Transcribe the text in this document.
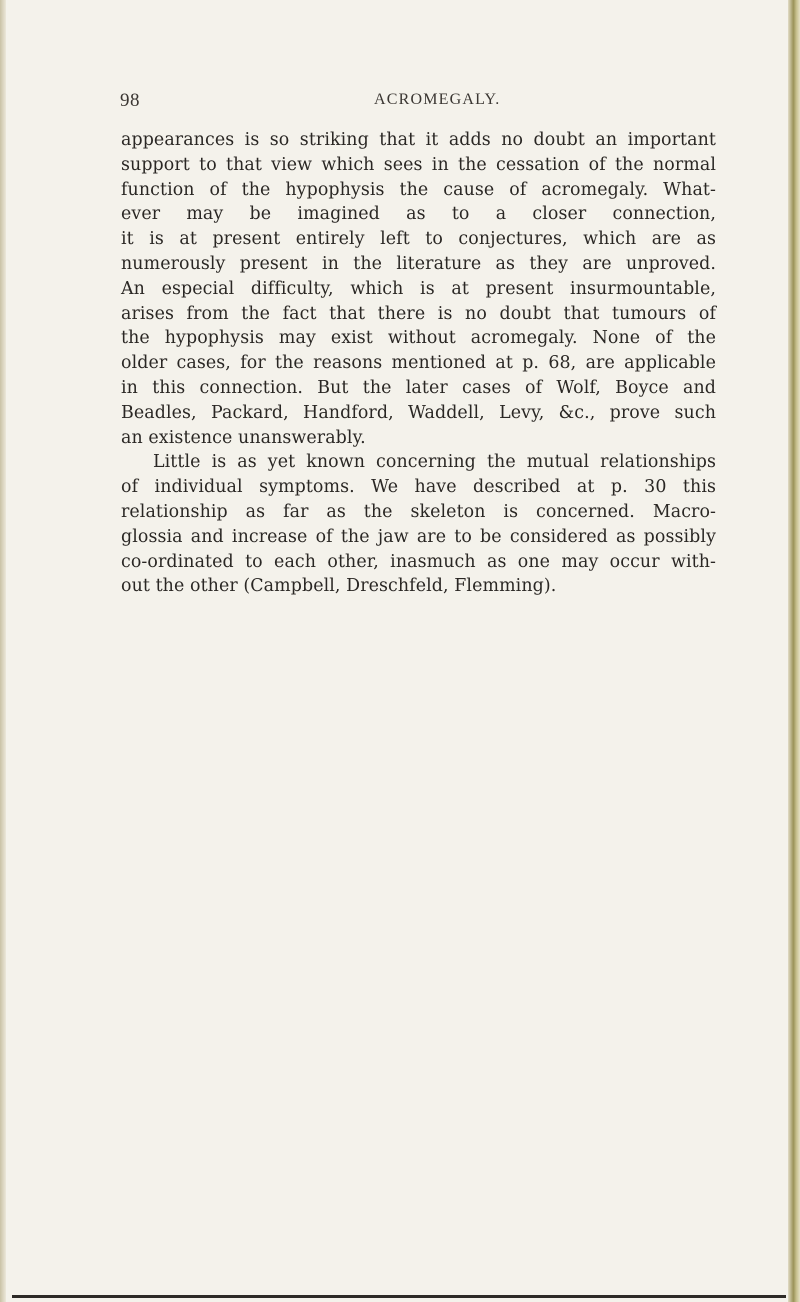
98	ACROMEGALY.
appearances is so striking that it adds no doubt an important
support to that view which sees in the cessation of the normal
function of the hypophysis the cause of acromegaly. What-
ever may be imagined as to a closer connection,
it is at present entirely left to conjectures, which are as
numerously present in the literature as they are unproved.
An especial difficulty, which is at present insurmountable,
arises from the fact that there is no doubt that tumours of
the hypophysis may exist without acromegaly. None of the
older cases, for the reasons mentioned at p. 68, are applicable
in this connection. But the later cases of Wolf, Boyce and
Beadles, Packard, Handford, Waddell, Levy, &c., prove such
an existence unanswerably.
Little is as yet known concerning the mutual relationships
of individual symptoms. We have described at p. 30 this
relationship as far as the skeleton is concerned. Macro-
glossia and increase of the jaw are to be considered as possibly
co-ordinated to each other, inasmuch as one may occur with-
out the other (Campbell, Dreschfeld, Flemming).
